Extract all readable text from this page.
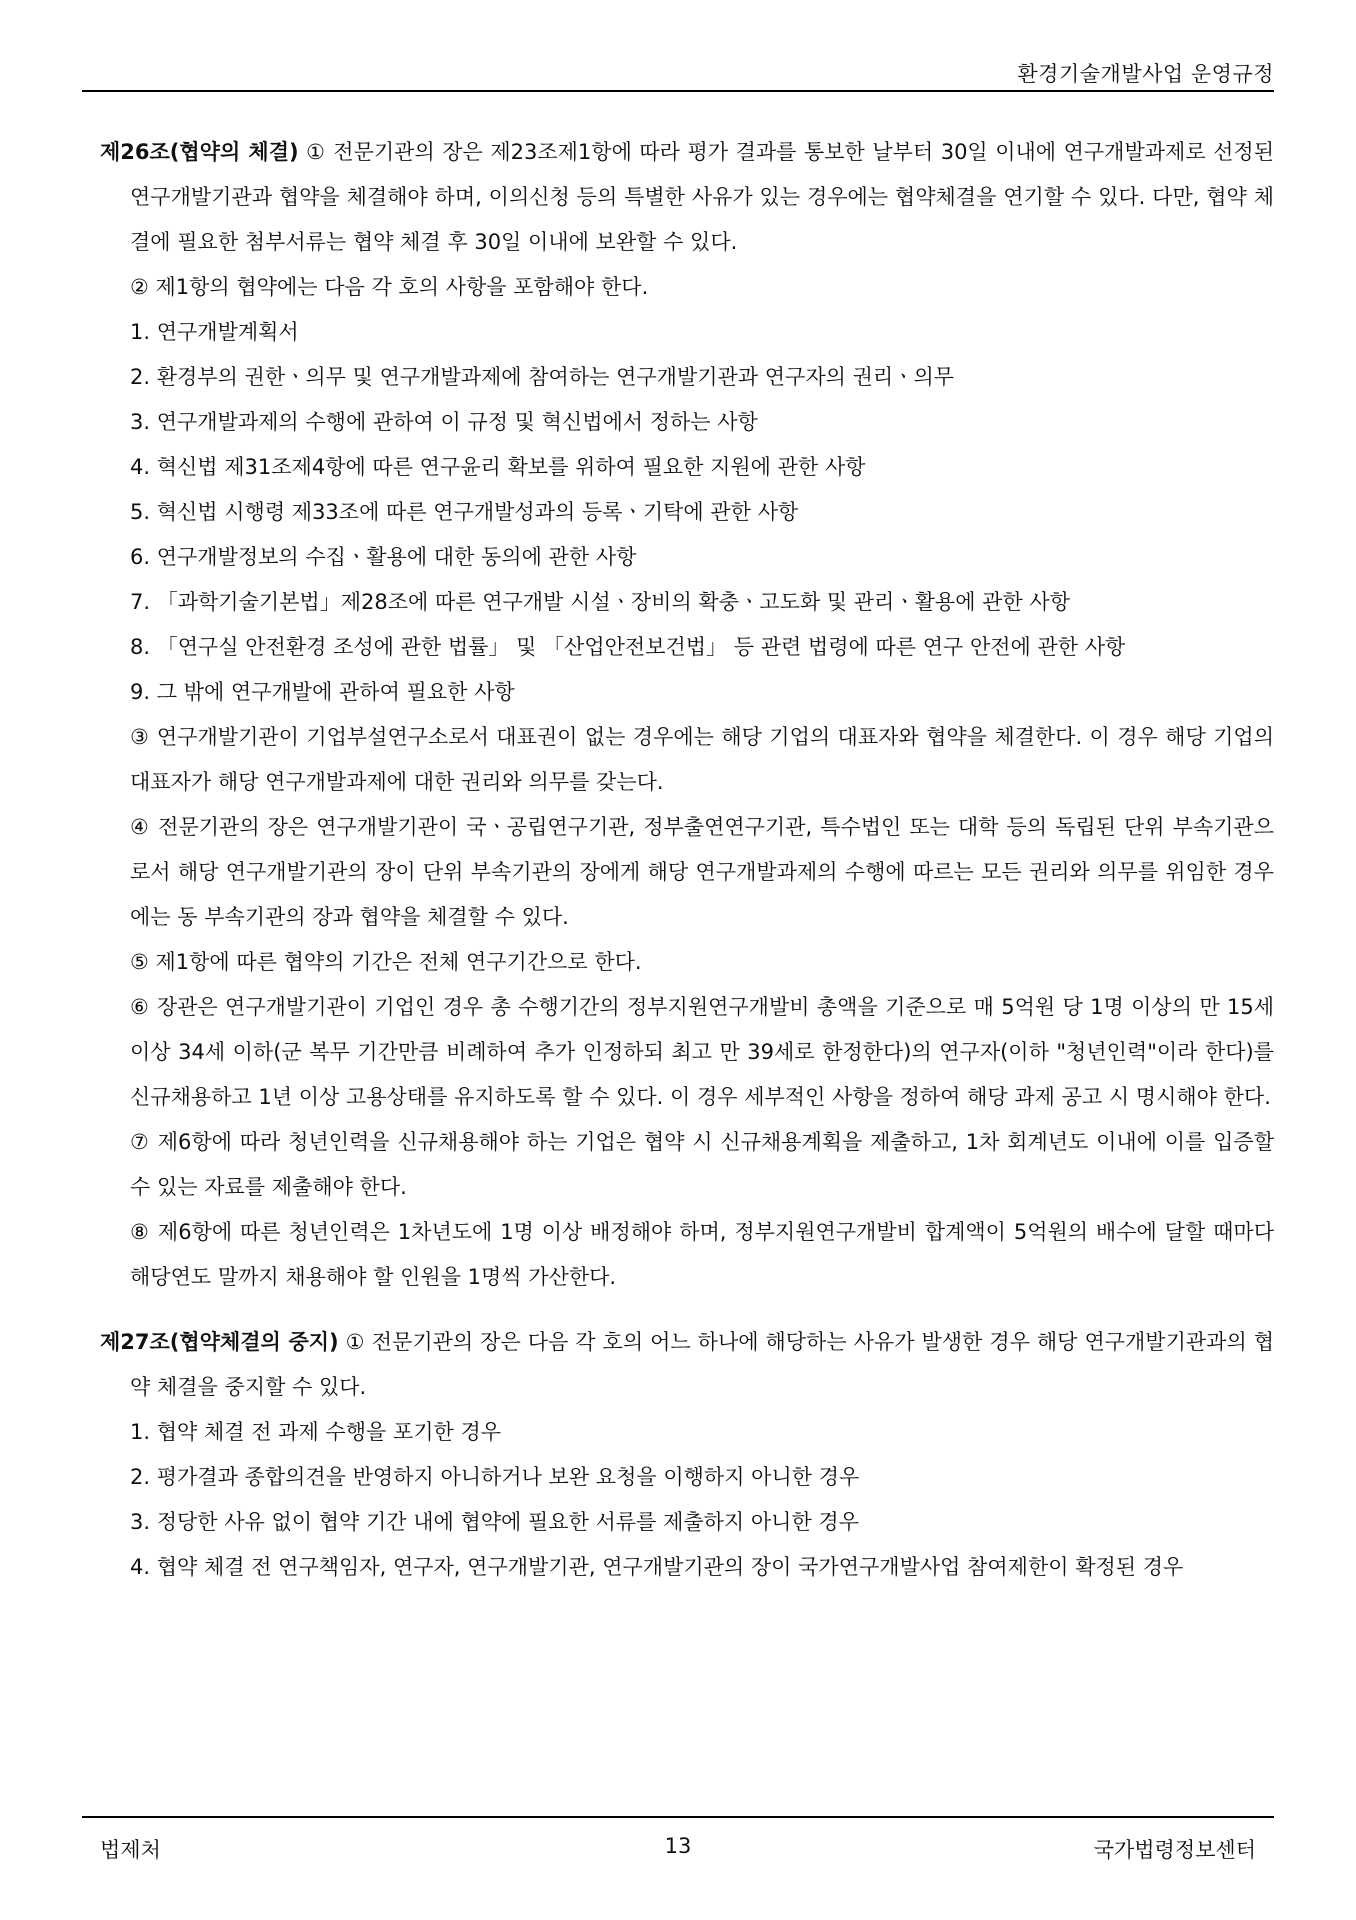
환경기술개발사업 운영규정

제26조(협약의 체결) ① 전문기관의 장은 제23조제1항에 따라 평가 결과를 통보한 날부터 30일 이내에 연구개발과제로 선정된 연구개발기관과 협약을 체결해야 하며, 이의신청 등의 특별한 사유가 있는 경우에는 협약체결을 연기할 수 있다. 다만, 협약 체결에 필요한 첨부서류는 협약 체결 후 30일 이내에 보완할 수 있다.

② 제1항의 협약에는 다음 각 호의 사항을 포함해야 한다.

1. 연구개발계획서

2. 환경부의 권한ㆍ의무 및 연구개발과제에 참여하는 연구개발기관과 연구자의 권리ㆍ의무

3. 연구개발과제의 수행에 관하여 이 규정 및 혁신법에서 정하는 사항

4. 혁신법 제31조제4항에 따른 연구윤리 확보를 위하여 필요한 지원에 관한 사항

5. 혁신법 시행령 제33조에 따른 연구개발성과의 등록ㆍ기탁에 관한 사항

6. 연구개발정보의 수집ㆍ활용에 대한 동의에 관한 사항

7. 「과학기술기본법」제28조에 따른 연구개발 시설ㆍ장비의 확충ㆍ고도화 및 관리ㆍ활용에 관한 사항

8. 「연구실 안전환경 조성에 관한 법률」 및 「산업안전보건법」 등 관련 법령에 따른 연구 안전에 관한 사항

9. 그 밖에 연구개발에 관하여 필요한 사항

③ 연구개발기관이 기업부설연구소로서 대표권이 없는 경우에는 해당 기업의 대표자와 협약을 체결한다. 이 경우 해당 기업의 대표자가 해당 연구개발과제에 대한 권리와 의무를 갖는다.

④ 전문기관의 장은 연구개발기관이 국ㆍ공립연구기관, 정부출연연구기관, 특수법인 또는 대학 등의 독립된 단위 부속기관으로서 해당 연구개발기관의 장이 단위 부속기관의 장에게 해당 연구개발과제의 수행에 따르는 모든 권리와 의무를 위임한 경우에는 동 부속기관의 장과 협약을 체결할 수 있다.

⑤ 제1항에 따른 협약의 기간은 전체 연구기간으로 한다.

⑥ 장관은 연구개발기관이 기업인 경우 총 수행기간의 정부지원연구개발비 총액을 기준으로 매 5억원 당 1명 이상의 만 15세 이상 34세 이하(군 복무 기간만큼 비례하여 추가 인정하되 최고 만 39세로 한정한다)의 연구자(이하 "청년인력"이라 한다)를 신규채용하고 1년 이상 고용상태를 유지하도록 할 수 있다. 이 경우 세부적인 사항을 정하여 해당 과제 공고 시 명시해야 한다.

⑦ 제6항에 따라 청년인력을 신규채용해야 하는 기업은 협약 시 신규채용계획을 제출하고, 1차 회계년도 이내에 이를 입증할 수 있는 자료를 제출해야 한다.

⑧ 제6항에 따른 청년인력은 1차년도에 1명 이상 배정해야 하며, 정부지원연구개발비 합계액이 5억원의 배수에 달할 때마다 해당연도 말까지 채용해야 할 인원을 1명씩 가산한다.

제27조(협약체결의 중지) ① 전문기관의 장은 다음 각 호의 어느 하나에 해당하는 사유가 발생한 경우 해당 연구개발기관과의 협약 체결을 중지할 수 있다.

1. 협약 체결 전 과제 수행을 포기한 경우

2. 평가결과 종합의견을 반영하지 아니하거나 보완 요청을 이행하지 아니한 경우

3. 정당한 사유 없이 협약 기간 내에 협약에 필요한 서류를 제출하지 아니한 경우

4. 협약 체결 전 연구책임자, 연구자, 연구개발기관, 연구개발기관의 장이 국가연구개발사업 참여제한이 확정된 경우

법제처	13	국가법령정보센터
